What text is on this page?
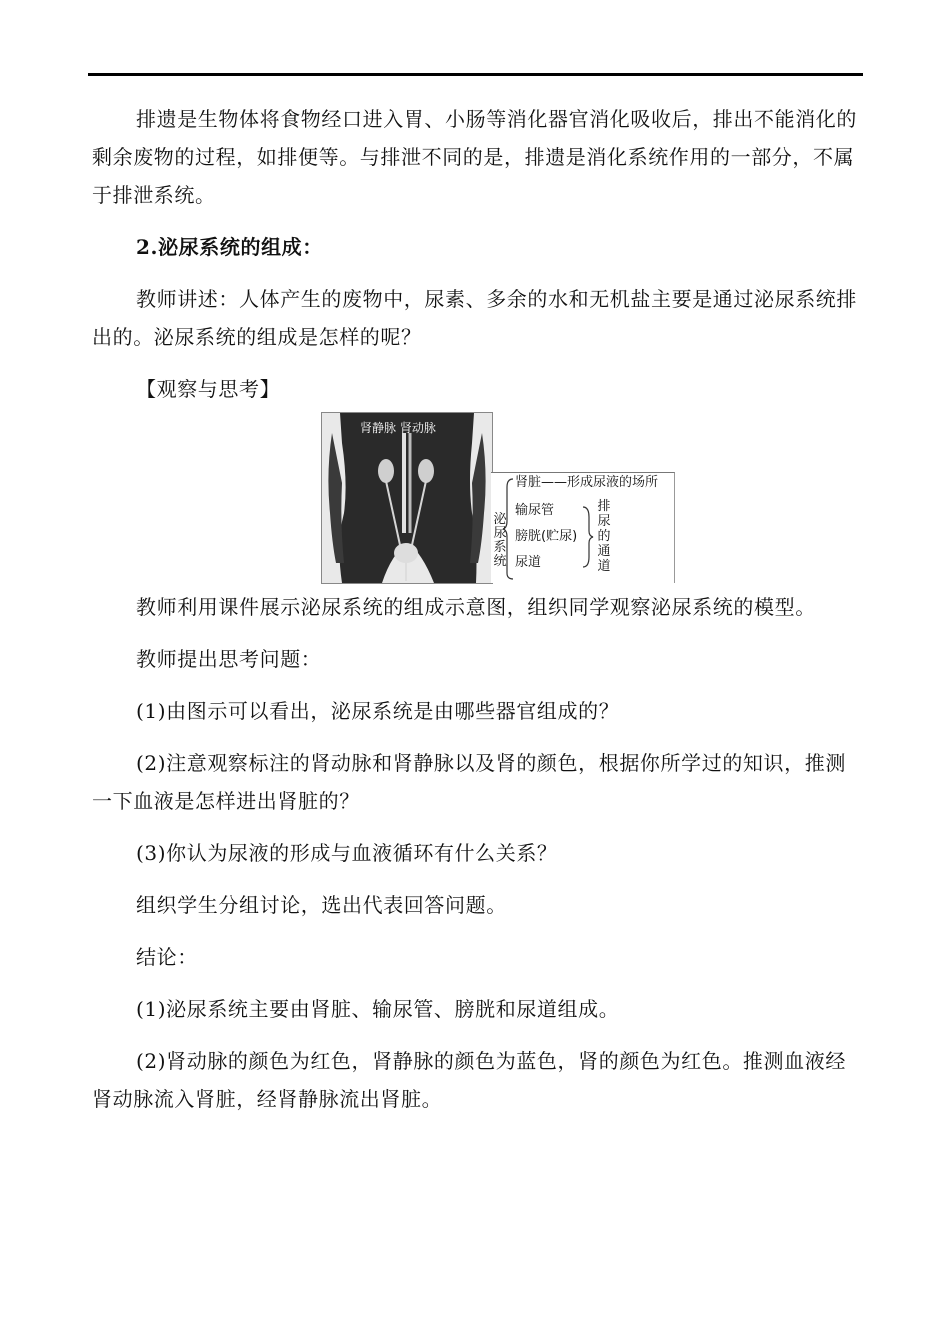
排遗是生物体将食物经口进入胃、小肠等消化器官消化吸收后，排出不能消化的剩余废物的过程，如排便等。与排泄不同的是，排遗是消化系统作用的一部分，不属于排泄系统。

2.泌尿系统的组成：

教师讲述：人体产生的废物中，尿素、多余的水和无机盐主要是通过泌尿系统排出的。泌尿系统的组成是怎样的呢？

【观察与思考】

肾静脉 肾动脉
泌尿系统
肾脏——形成尿液的场所
输尿管
膀胱(贮尿)
尿道
排尿的通道

教师利用课件展示泌尿系统的组成示意图，组织同学观察泌尿系统的模型。

教师提出思考问题：

(1)由图示可以看出，泌尿系统是由哪些器官组成的？

(2)注意观察标注的肾动脉和肾静脉以及肾的颜色，根据你所学过的知识，推测一下血液是怎样进出肾脏的？

(3)你认为尿液的形成与血液循环有什么关系？

组织学生分组讨论，选出代表回答问题。

结论：

(1)泌尿系统主要由肾脏、输尿管、膀胱和尿道组成。

(2)肾动脉的颜色为红色，肾静脉的颜色为蓝色，肾的颜色为红色。推测血液经肾动脉流入肾脏，经肾静脉流出肾脏。
